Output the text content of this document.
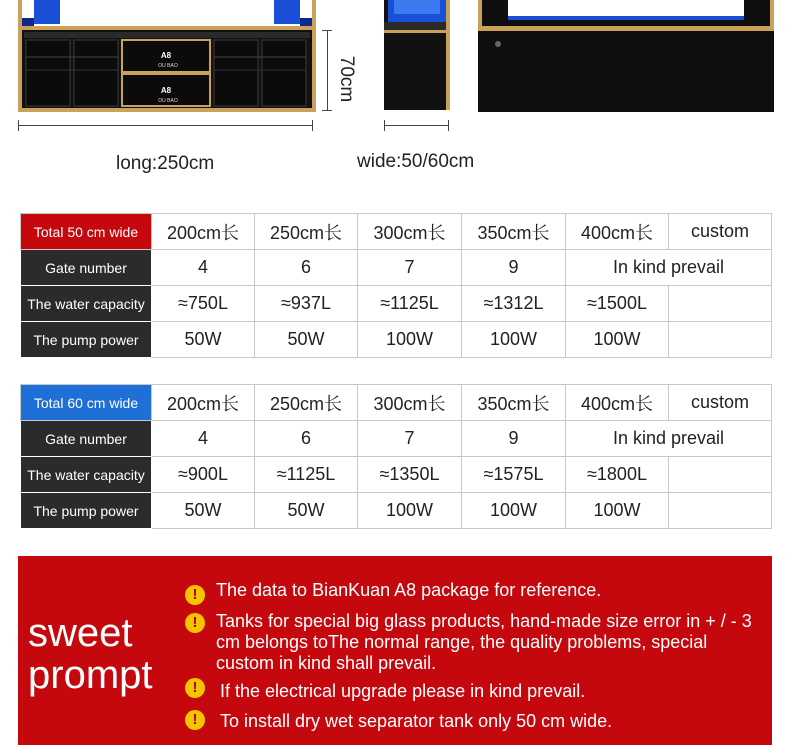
A8
A8
OU BAO
OU BAO	70cm
long:250cm	wide:50/60cm
Total 50 cm wide	200cm长	250cm长	300cm长	350cm长	400cm长	custom
Gate number	4	6	7	9	In kind prevail	
The water capacity	≈750L	≈937L	≈1125L	≈1312L	≈1500L	
The pump power	50W	50W	100W	100W	100W	
Total 60 cm wide	200cm长	250cm长	300cm长	350cm长	400cm长	custom
Gate number	4	6	7	9	In kind prevail	
The water capacity	≈900L	≈1125L	≈1350L	≈1575L	≈1800L	
The pump power	50W	50W	100W	100W	100W	
sweet
prompt
!	The data to BianKuan A8 package for reference.
!	Tanks for special big glass products, hand-made size error in + / - 3 cm belongs toThe normal range, the quality problems, special custom in kind shall prevail.
!	If the electrical upgrade please in kind prevail.
!	To install dry wet separator tank only 50 cm wide.
